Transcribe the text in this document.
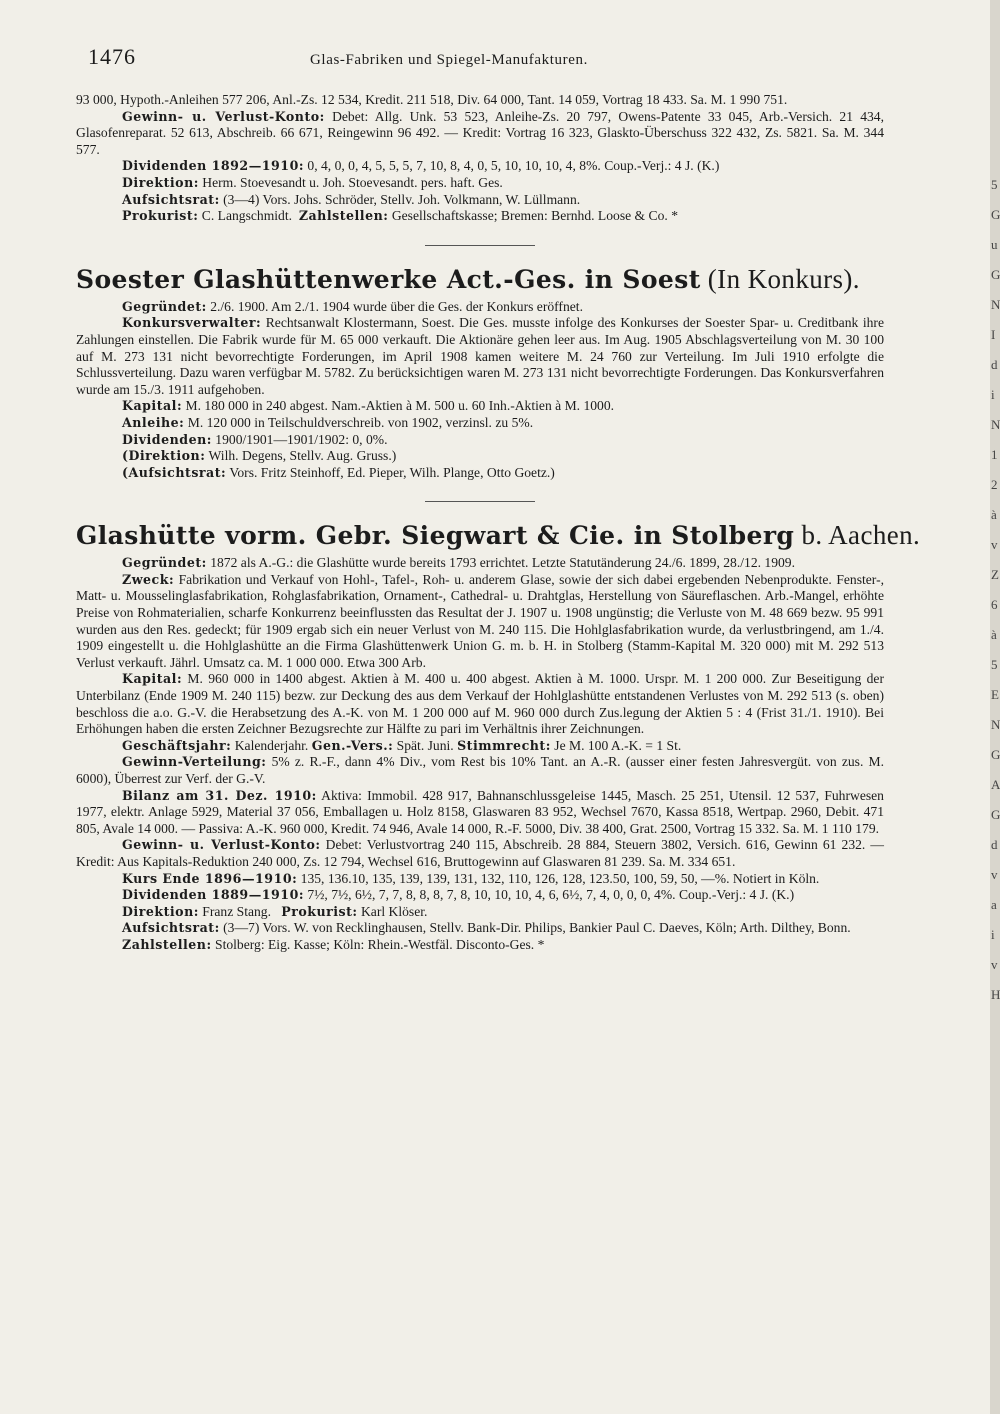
1476	Glas-Fabriken und Spiegel-Manufakturen.

93 000, Hypoth.-Anleihen 577 206, Anl.-Zs. 12 534, Kredit. 211 518, Div. 64 000, Tant. 14 059, Vortrag 18 433. Sa. M. 1 990 751.

Gewinn- u. Verlust-Konto: Debet: Allg. Unk. 53 523, Anleihe-Zs. 20 797, Owens-Patente 33 045, Arb.-Versich. 21 434, Glasofenreparat. 52 613, Abschreib. 66 671, Reingewinn 96 492. — Kredit: Vortrag 16 323, Glaskto-Überschuss 322 432, Zs. 5821. Sa. M. 344 577.

Dividenden 1892—1910: 0, 4, 0, 0, 4, 5, 5, 5, 7, 10, 8, 4, 0, 5, 10, 10, 10, 4, 8%. Coup.-Verj.: 4 J. (K.)

Direktion: Herm. Stoevesandt u. Joh. Stoevesandt. pers. haft. Ges.

Aufsichtsrat: (3—4) Vors. Johs. Schröder, Stellv. Joh. Volkmann, W. Lüllmann.

Prokurist: C. Langschmidt. Zahlstellen: Gesellschaftskasse; Bremen: Bernhd. Loose & Co. *

Soester Glashüttenwerke Act.-Ges. in Soest (In Konkurs).

Gegründet: 2./6. 1900. Am 2./1. 1904 wurde über die Ges. der Konkurs eröffnet.

Konkursverwalter: Rechtsanwalt Klostermann, Soest. Die Ges. musste infolge des Konkurses der Soester Spar- u. Creditbank ihre Zahlungen einstellen. Die Fabrik wurde für M. 65 000 verkauft. Die Aktionäre gehen leer aus. Im Aug. 1905 Abschlagsverteilung von M. 30 100 auf M. 273 131 nicht bevorrechtigte Forderungen, im April 1908 kamen weitere M. 24 760 zur Verteilung. Im Juli 1910 erfolgte die Schlussverteilung. Dazu waren verfügbar M. 5782. Zu berücksichtigen waren M. 273 131 nicht bevorrechtigte Forderungen. Das Konkursverfahren wurde am 15./3. 1911 aufgehoben.

Kapital: M. 180 000 in 240 abgest. Nam.-Aktien à M. 500 u. 60 Inh.-Aktien à M. 1000.

Anleihe: M. 120 000 in Teilschuldverschreib. von 1902, verzinsl. zu 5%.

Dividenden: 1900/1901—1901/1902: 0, 0%.

(Direktion: Wilh. Degens, Stellv. Aug. Gruss.)

(Aufsichtsrat: Vors. Fritz Steinhoff, Ed. Pieper, Wilh. Plange, Otto Goetz.)

Glashütte vorm. Gebr. Siegwart & Cie. in Stolberg b. Aachen.

Gegründet: 1872 als A.-G.: die Glashütte wurde bereits 1793 errichtet. Letzte Statutänderung 24./6. 1899, 28./12. 1909.

Zweck: Fabrikation und Verkauf von Hohl-, Tafel-, Roh- u. anderem Glase, sowie der sich dabei ergebenden Nebenprodukte. Fenster-, Matt- u. Mousselinglasfabrikation, Rohglasfabrikation, Ornament-, Cathedral- u. Drahtglas, Herstellung von Säureflaschen. Arb.-Mangel, erhöhte Preise von Rohmaterialien, scharfe Konkurrenz beeinflussten das Resultat der J. 1907 u. 1908 ungünstig; die Verluste von M. 48 669 bezw. 95 991 wurden aus den Res. gedeckt; für 1909 ergab sich ein neuer Verlust von M. 240 115. Die Hohlglasfabrikation wurde, da verlustbringend, am 1./4. 1909 eingestellt u. die Hohlglashütte an die Firma Glashüttenwerk Union G. m. b. H. in Stolberg (Stamm-Kapital M. 320 000) mit M. 292 513 Verlust verkauft. Jährl. Umsatz ca. M. 1 000 000. Etwa 300 Arb.

Kapital: M. 960 000 in 1400 abgest. Aktien à M. 400 u. 400 abgest. Aktien à M. 1000. Urspr. M. 1 200 000. Zur Beseitigung der Unterbilanz (Ende 1909 M. 240 115) bezw. zur Deckung des aus dem Verkauf der Hohlglashütte entstandenen Verlustes von M. 292 513 (s. oben) beschloss die a.o. G.-V. die Herabsetzung des A.-K. von M. 1 200 000 auf M. 960 000 durch Zus.legung der Aktien 5 : 4 (Frist 31./1. 1910). Bei Erhöhungen haben die ersten Zeichner Bezugsrechte zur Hälfte zu pari im Verhältnis ihrer Zeichnungen.

Geschäftsjahr: Kalenderjahr. Gen.-Vers.: Spät. Juni. Stimmrecht: Je M. 100 A.-K. = 1 St.

Gewinn-Verteilung: 5% z. R.-F., dann 4% Div., vom Rest bis 10% Tant. an A.-R. (ausser einer festen Jahresvergüt. von zus. M. 6000), Überrest zur Verf. der G.-V.

Bilanz am 31. Dez. 1910: Aktiva: Immobil. 428 917, Bahnanschlussgeleise 1445, Masch. 25 251, Utensil. 12 537, Fuhrwesen 1977, elektr. Anlage 5929, Material 37 056, Emballagen u. Holz 8158, Glaswaren 83 952, Wechsel 7670, Kassa 8518, Wertpap. 2960, Debit. 471 805, Avale 14 000. — Passiva: A.-K. 960 000, Kredit. 74 946, Avale 14 000, R.-F. 5000, Div. 38 400, Grat. 2500, Vortrag 15 332. Sa. M. 1 110 179.

Gewinn- u. Verlust-Konto: Debet: Verlustvortrag 240 115, Abschreib. 28 884, Steuern 3802, Versich. 616, Gewinn 61 232. — Kredit: Aus Kapitals-Reduktion 240 000, Zs. 12 794, Wechsel 616, Bruttogewinn auf Glaswaren 81 239. Sa. M. 334 651.

Kurs Ende 1896—1910: 135, 136.10, 135, 139, 139, 131, 132, 110, 126, 128, 123.50, 100, 59, 50, —%. Notiert in Köln.

Dividenden 1889—1910: 7½, 7½, 6½, 7, 7, 8, 8, 8, 7, 8, 10, 10, 10, 4, 6, 6½, 7, 4, 0, 0, 0, 4%. Coup.-Verj.: 4 J. (K.)

Direktion: Franz Stang. Prokurist: Karl Klöser.

Aufsichtsrat: (3—7) Vors. W. von Recklinghausen, Stellv. Bank-Dir. Philips, Bankier Paul C. Daeves, Köln; Arth. Dilthey, Bonn.

Zahlstellen: Stolberg: Eig. Kasse; Köln: Rhein.-Westfäl. Disconto-Ges. *

5 G u G N I d i N 1 2 à v Z 6 à 5 E N G A G d v a i v H
